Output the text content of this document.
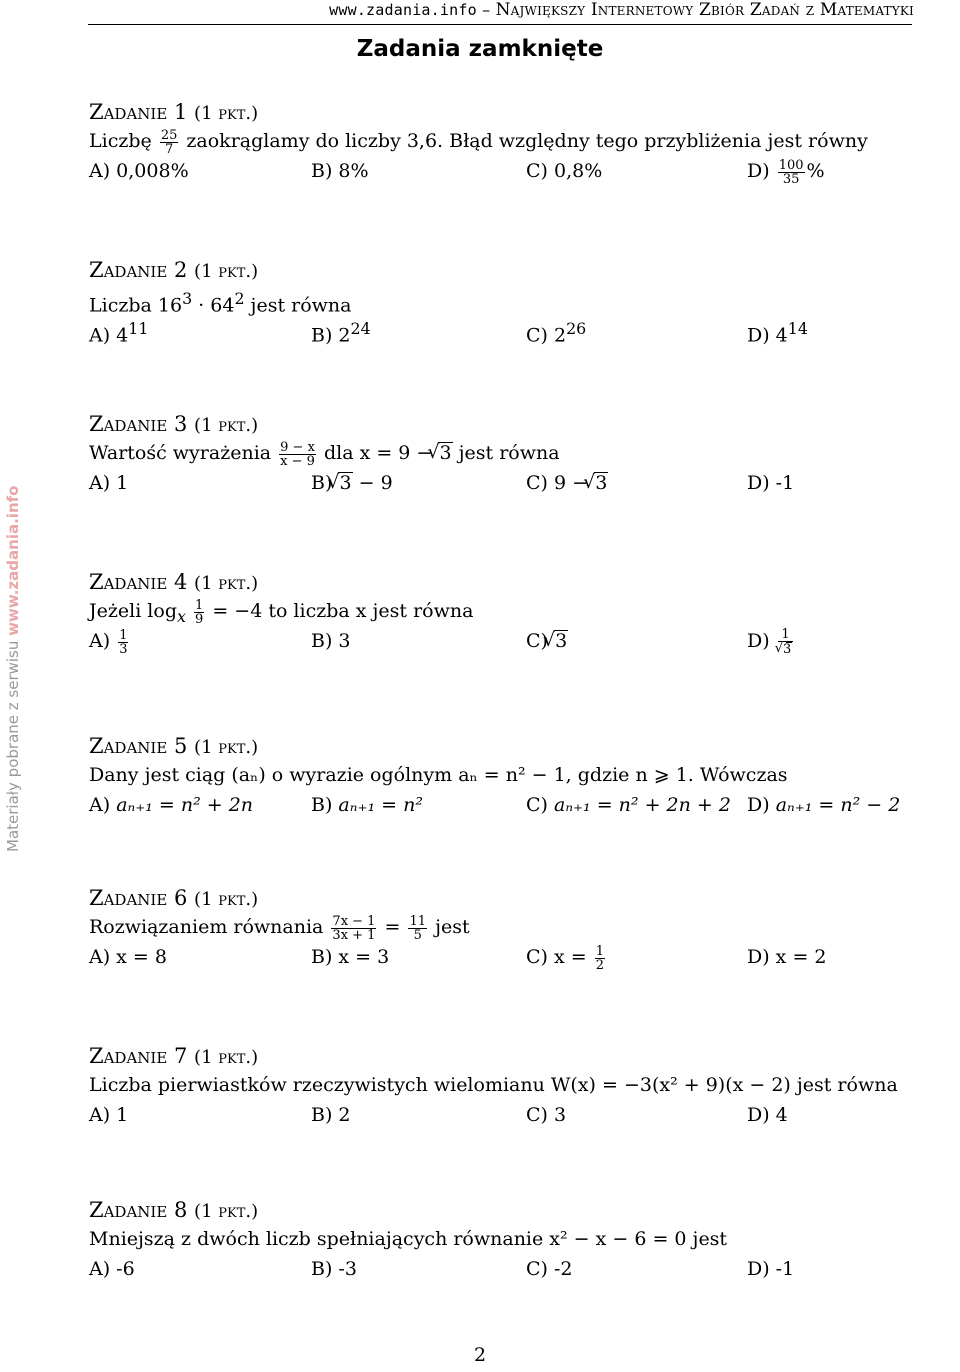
www.zadania.info – Największy Internetowy Zbiór Zadań z Matematyki
Zadania zamknięte
Materiały pobrane z serwisu www.zadania.info
Zadanie 1 (1 pkt.)
Liczbę $\frac{25}{7}$ zaokrąglamy do liczby 3,6. Błąd względny tego przybliżenia jest równy
A) 0,008%	B) 8%	C) 0,8%	$D) \frac{100}{35}$ %
Zadanie 2 (1 pkt.)
Liczba $16^3 \cdot 64^2$ jest równa
A) $4^{11}$	B) $2^{24}$	C) $2^{26}$	D) $4^{14}$
Zadanie 3 (1 pkt.)
Wartość wyrażenia $\frac{9 - x}{x - 9}$ dla x = 9 − √ 3 jest równa
A) 1	B) √ 3 − 9	C) 9 − √ 3	D) -1
Zadanie 4 (1 pkt.)
Jeżeli $\log_x \frac{1}{9} = -4$ to liczba x jest równa
$A) \frac{1}{3}$	B) 3	C) √ 3	D) 1
√ 3
Zadanie 5 (1 pkt.)
Dany jest ciąg (aₙ) o wyrazie ogólnym aₙ = n² − 1, gdzie n ⩾ 1. Wówczas
A) aₙ₊₁ = n² + 2n	B) aₙ₊₁ = n²	C) aₙ₊₁ = n² + 2n + 2 D) aₙ₊₁ = n² − 2
Zadanie 6 (1 pkt.)
Rozwiązaniem równania $\frac{7x - 1}{3x + 1} = \frac{11}{5}$ jest
A) x = 8	B) x = 3	C) $x = \frac{1}{2}$	D) x = 2
Zadanie 7 (1 pkt.)
Liczba pierwiastków rzeczywistych wielomianu W(x) = −3(x² + 9)(x − 2) jest równa
A) 1	B) 2	C) 3	D) 4
Zadanie 8 (1 pkt.)
Mniejszą z dwóch liczb spełniających równanie x² − x − 6 = 0 jest
A) -6	B) -3	C) -2	D) -1
2
